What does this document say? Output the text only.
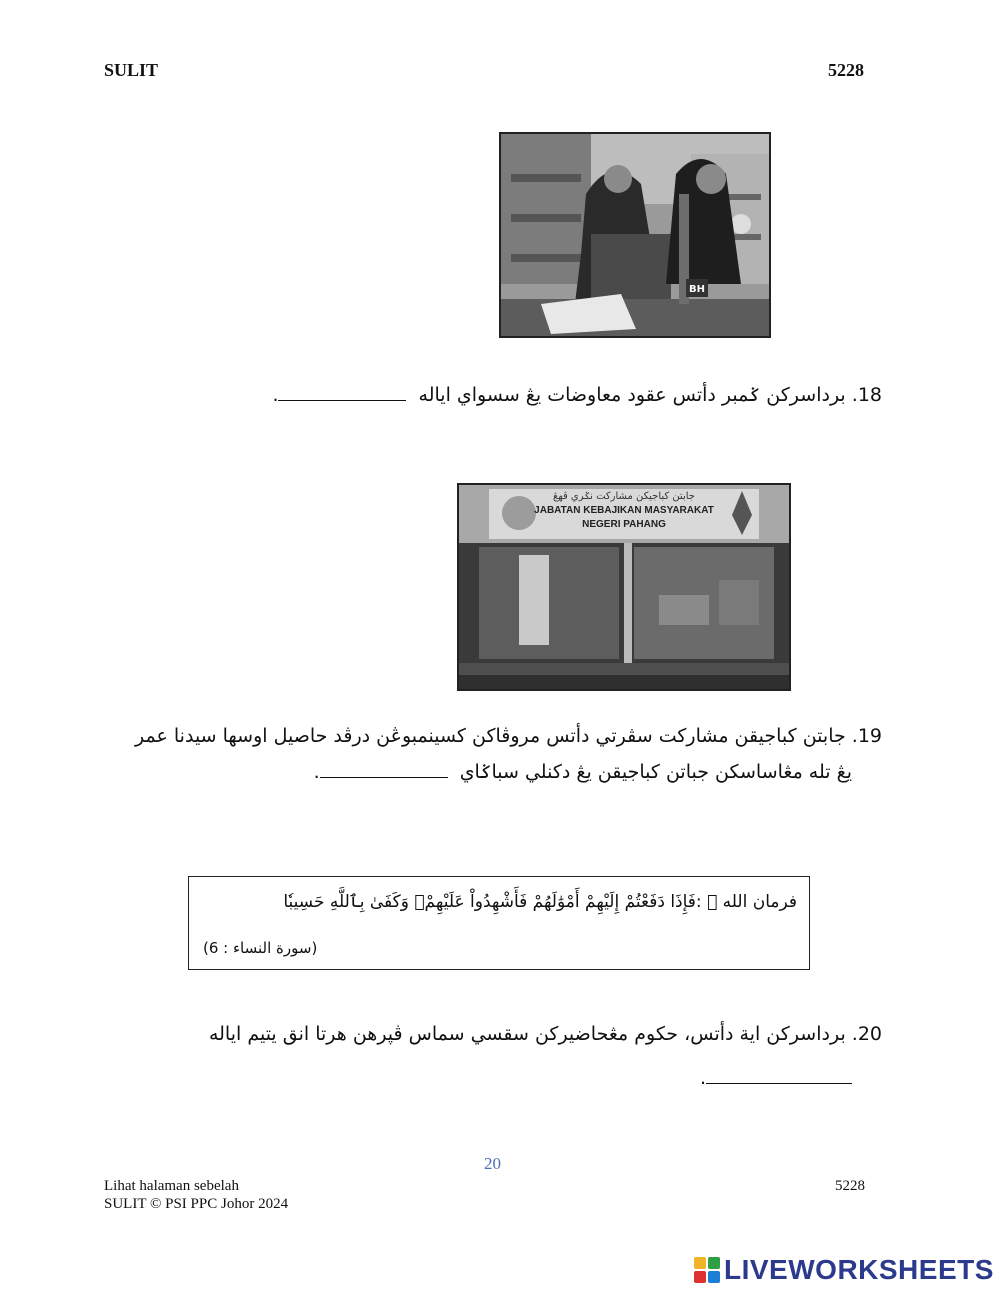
SULIT	5228
BH
18. برداسركن ݢمبر دأتس عقود معاوضات يڠ سسواي اياله .
جابتن كباجيكن مشاركت نݢري ڤهڠ
JABATAN KEBAJIKAN MASYARAKAT
NEGERI PAHANG
19. جابتن كباجيقن مشاركت سڤرتي دأتس مروڤاكن كسينمبوڠن درڤد حاصيل اوسها سيدنا عمر
يڠ تله مڠاساسكن جباتن كباجيقن يڠ دكنلي سباݢاي .
فرمان الله ﷻ :فَإِذَا دَفَعْتُمْ إِلَيْهِمْ أَمْوَٰلَهُمْ فَأَشْهِدُواْ عَلَيْهِمْۚ وَكَفَىٰ بِٱللَّهِ حَسِيبٗا
(سورة النساء : 6)
20. برداسركن اية دأتس، حكوم مڠحاضيركن سقسي سماس ڤپرهن هرتا انق يتيم اياله
.
20
Lihat halaman sebelah
SULIT © PSI PPC Johor 2024
5228
LIVEWORKSHEETS
